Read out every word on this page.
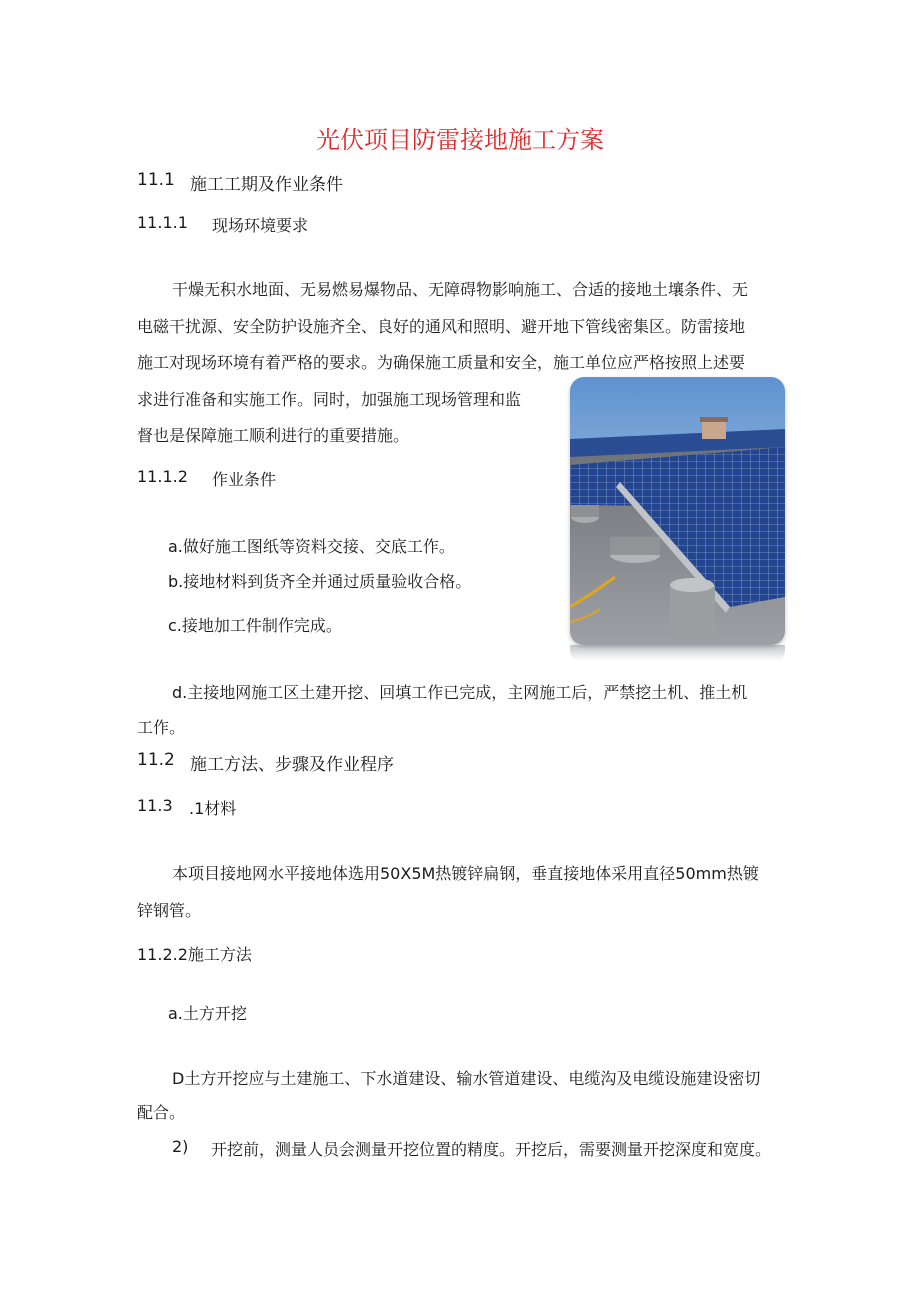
光伏项目防雷接地施工方案
11.1 施工工期及作业条件
11.1.1 现场环境要求
干燥无积水地面、无易燃易爆物品、无障碍物影响施工、合适的接地土壤条件、无
电磁干扰源、安全防护设施齐全、良好的通风和照明、避开地下管线密集区。防雷接地
施工对现场环境有着严格的要求。为确保施工质量和安全，施工单位应严格按照上述要
求进行准备和实施工作。同时，加强施工现场管理和监
督也是保障施工顺利进行的重要措施。
11.1.2 作业条件
a.做好施工图纸等资料交接、交底工作。
b.接地材料到货齐全并通过质量验收合格。
c.接地加工件制作完成。
d.主接地网施工区土建开挖、回填工作已完成，主网施工后，严禁挖土机、推土机
工作。
11.2 施工方法、步骤及作业程序
11.3 .1材料
本项目接地网水平接地体选用50X5M热镀锌扁钢，垂直接地体采用直径50mm热镀
锌钢管。
11.2.2施工方法
a.土方开挖
D土方开挖应与土建施工、下水道建设、输水管道建设、电缆沟及电缆设施建设密切
配合。
2) 开挖前，测量人员会测量开挖位置的精度。开挖后，需要测量开挖深度和宽度。
